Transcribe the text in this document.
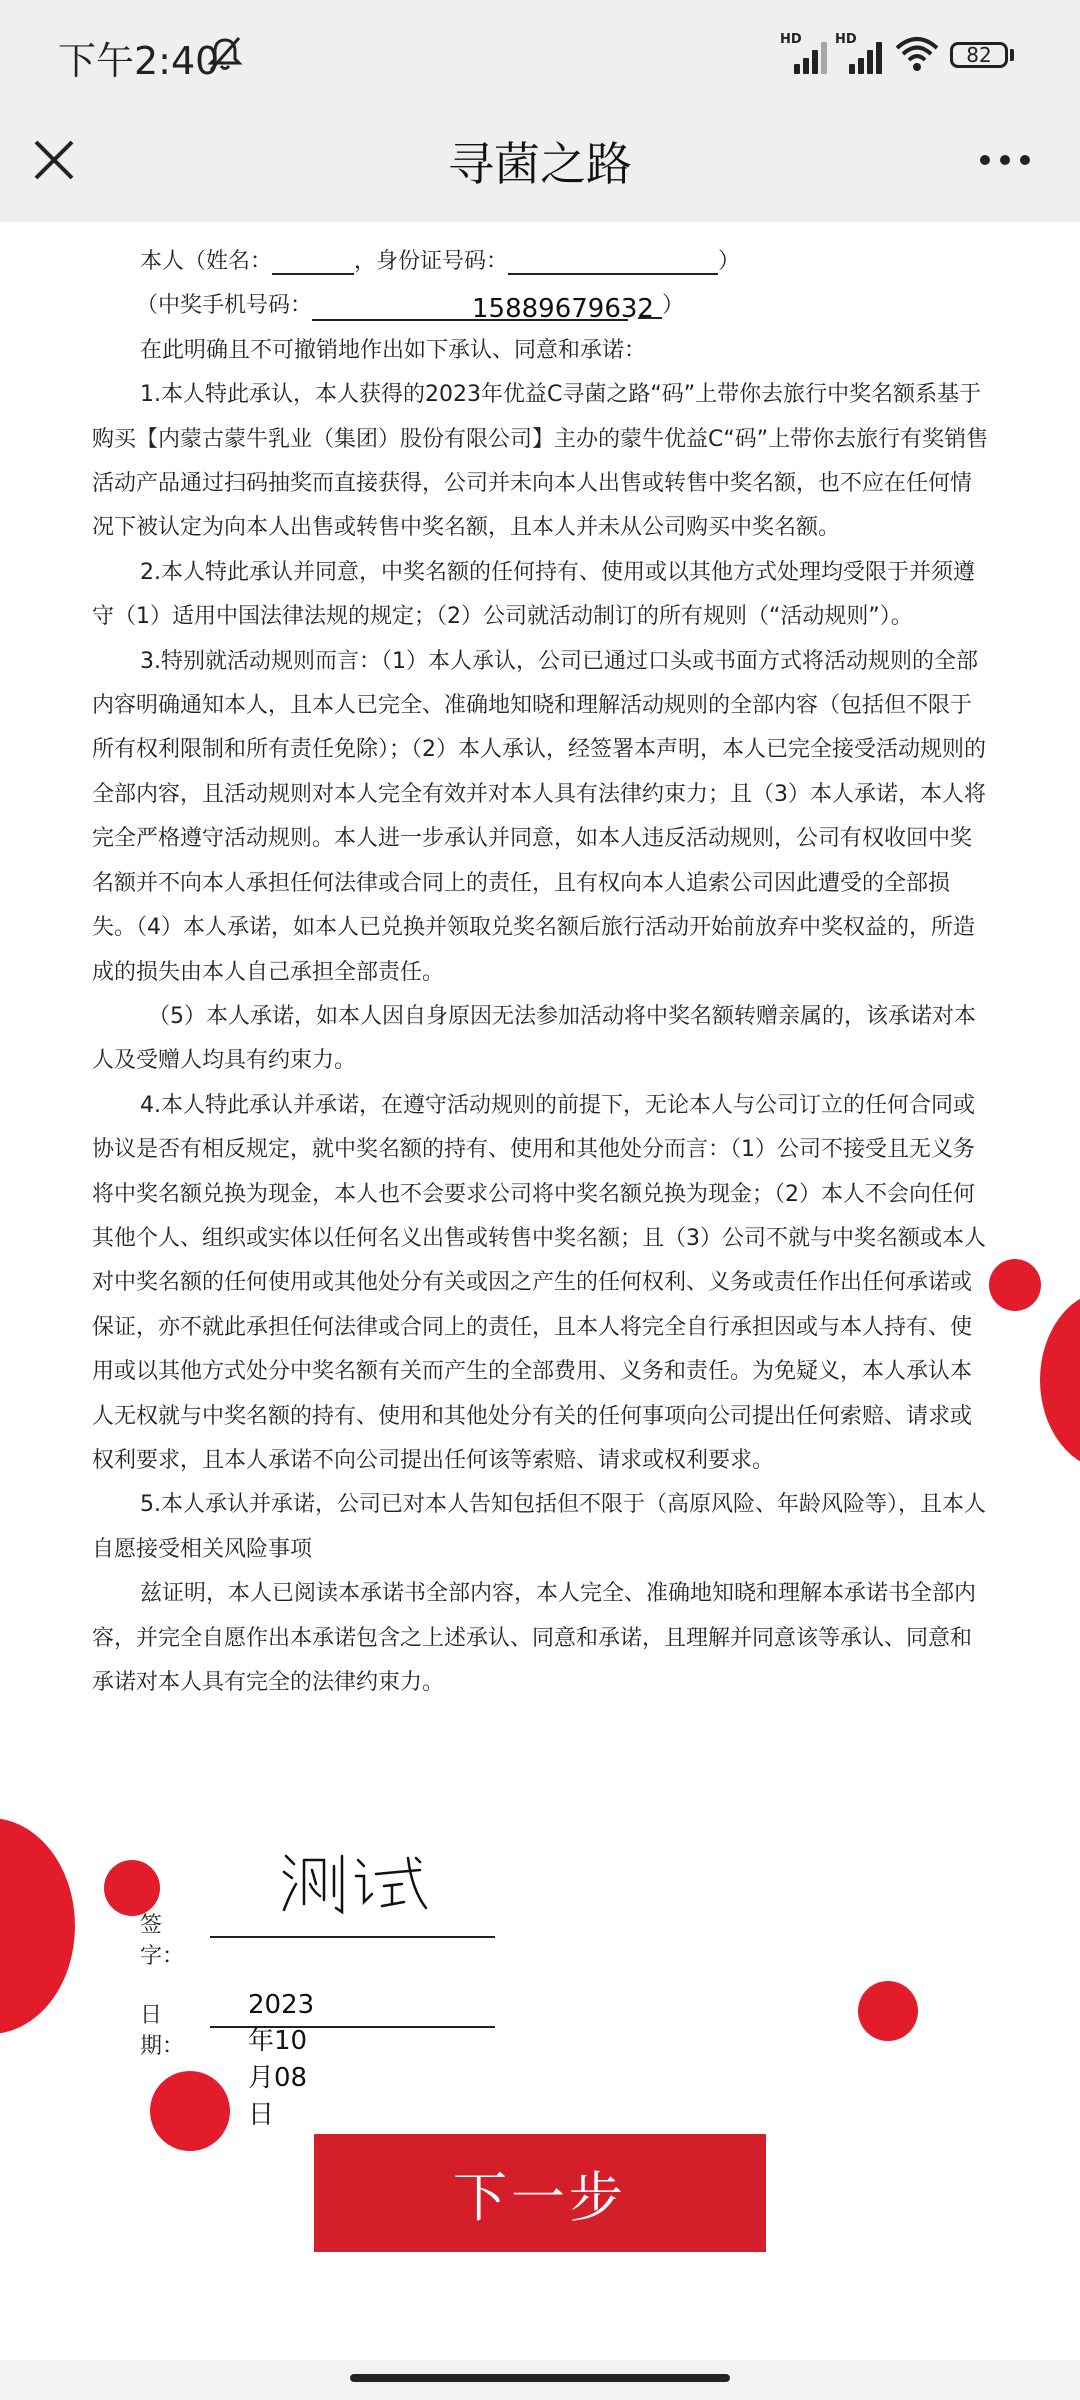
下午2:40	HD	HD
82
寻菌之路
本人（姓名：	，身份证号码：	）
（中奖手机号码：	15889679632 ）

在此明确且不可撤销地作出如下承认、同意和承诺：

1.本人特此承认，本人获得的2023年优益C寻菌之路“码”上带你去旅行中奖名额系基于购买【内蒙古蒙牛乳业（集团）股份有限公司】主办的蒙牛优益C“码”上带你去旅行有奖销售活动产品通过扫码抽奖而直接获得，公司并未向本人出售或转售中奖名额，也不应在任何情况下被认定为向本人出售或转售中奖名额，且本人并未从公司购买中奖名额。

2.本人特此承认并同意，中奖名额的任何持有、使用或以其他方式处理均受限于并须遵守（1）适用中国法律法规的规定；（2）公司就活动制订的所有规则（“活动规则”）。

3.特别就活动规则而言：（1）本人承认，公司已通过口头或书面方式将活动规则的全部内容明确通知本人，且本人已完全、准确地知晓和理解活动规则的全部内容（包括但不限于所有权利限制和所有责任免除）；（2）本人承认，经签署本声明，本人已完全接受活动规则的全部内容，且活动规则对本人完全有效并对本人具有法律约束力；且（3）本人承诺，本人将完全严格遵守活动规则。本人进一步承认并同意，如本人违反活动规则，公司有权收回中奖名额并不向本人承担任何法律或合同上的责任，且有权向本人追索公司因此遭受的全部损失。（4）本人承诺，如本人已兑换并领取兑奖名额后旅行活动开始前放弃中奖权益的，所造成的损失由本人自己承担全部责任。

（5）本人承诺，如本人因自身原因无法参加活动将中奖名额转赠亲属的，该承诺对本人及受赠人均具有约束力。

4.本人特此承认并承诺，在遵守活动规则的前提下，无论本人与公司订立的任何合同或协议是否有相反规定，就中奖名额的持有、使用和其他处分而言：（1）公司不接受且无义务将中奖名额兑换为现金，本人也不会要求公司将中奖名额兑换为现金；（2）本人不会向任何其他个人、组织或实体以任何名义出售或转售中奖名额；且（3）公司不就与中奖名额或本人对中奖名额的任何使用或其他处分有关或因之产生的任何权利、义务或责任作出任何承诺或保证，亦不就此承担任何法律或合同上的责任，且本人将完全自行承担因或与本人持有、使用或以其他方式处分中奖名额有关而产生的全部费用、义务和责任。为免疑义，本人承认本人无权就与中奖名额的持有、使用和其他处分有关的任何事项向公司提出任何索赔、请求或权利要求，且本人承诺不向公司提出任何该等索赔、请求或权利要求。

5.本人承认并承诺，公司已对本人告知包括但不限于（高原风险、年龄风险等），且本人自愿接受相关风险事项

兹证明，本人已阅读本承诺书全部内容，本人完全、准确地知晓和理解本承诺书全部内容，并完全自愿作出本承诺包含之上述承认、同意和承诺，且理解并同意该等承认、同意和承诺对本人具有完全的法律约束力。

签字：
日期：
2023年10月08日
下一步
